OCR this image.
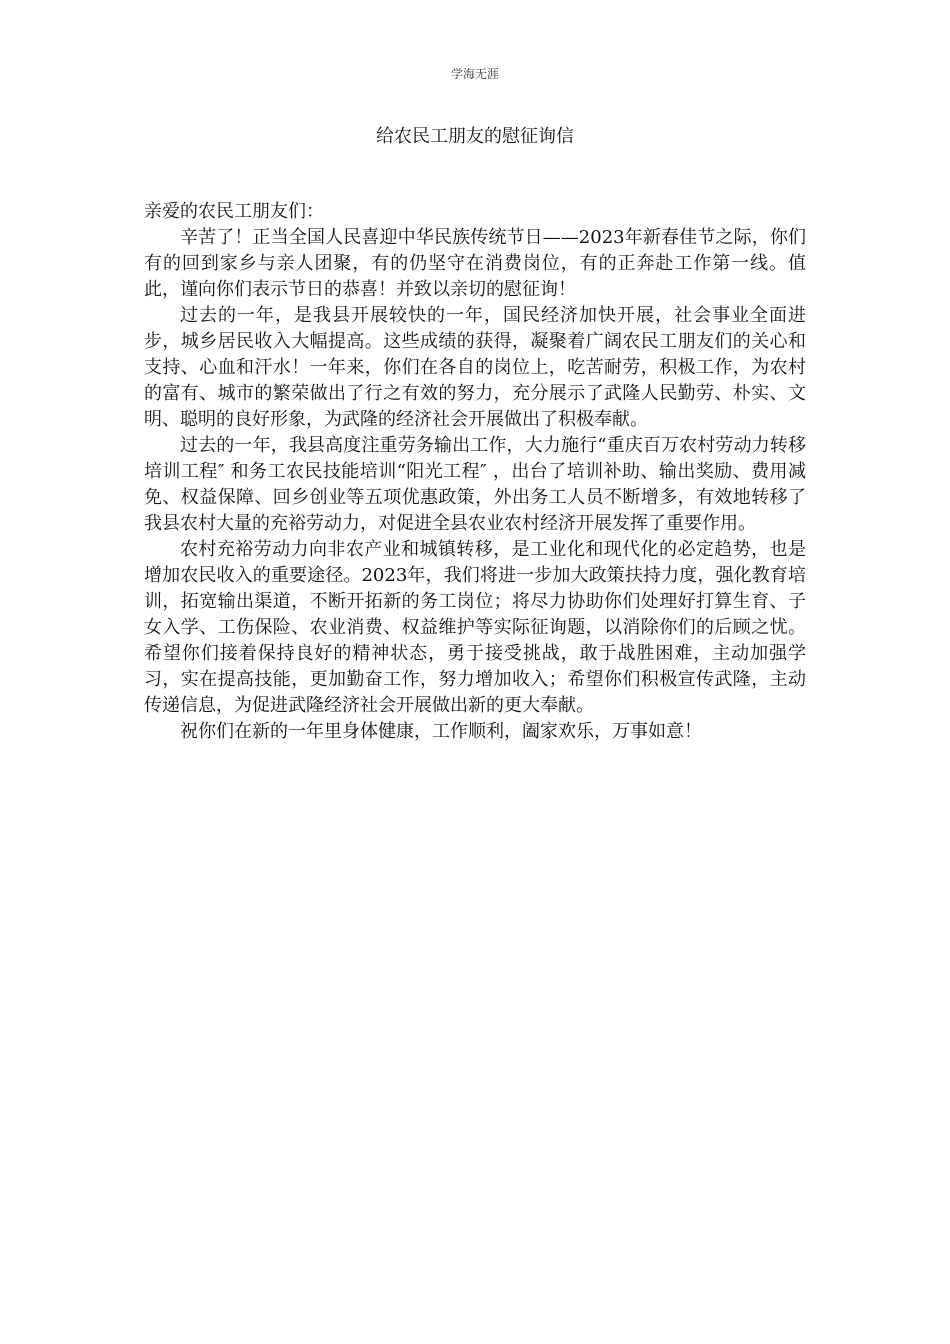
学海无涯
给农民工朋友的慰征询信

亲爱的农民工朋友们：

辛苦了！正当全国人民喜迎中华民族传统节日——2023年新春佳节之际，你们有的回到家乡与亲人团聚，有的仍坚守在消费岗位，有的正奔赴工作第一线。值此，谨向你们表示节日的恭喜！并致以亲切的慰征询！

过去的一年，是我县开展较快的一年，国民经济加快开展，社会事业全面进步，城乡居民收入大幅提高。这些成绩的获得，凝聚着广阔农民工朋友们的关心和支持、心血和汗水！一年来，你们在各自的岗位上，吃苦耐劳，积极工作，为农村的富有、城市的繁荣做出了行之有效的努力，充分展示了武隆人民勤劳、朴实、文明、聪明的良好形象，为武隆的经济社会开展做出了积极奉献。

过去的一年，我县高度注重劳务输出工作，大力施行“重庆百万农村劳动力转移培训工程″ 和务工农民技能培训“阳光工程″ ，出台了培训补助、输出奖励、费用减免、权益保障、回乡创业等五项优惠政策，外出务工人员不断增多，有效地转移了我县农村大量的充裕劳动力，对促进全县农业农村经济开展发挥了重要作用。

农村充裕劳动力向非农产业和城镇转移，是工业化和现代化的必定趋势，也是增加农民收入的重要途径。2023年，我们将进一步加大政策扶持力度，强化教育培训，拓宽输出渠道，不断开拓新的务工岗位；将尽力协助你们处理好打算生育、子女入学、工伤保险、农业消费、权益维护等实际征询题，以消除你们的后顾之忧。希望你们接着保持良好的精神状态，勇于接受挑战，敢于战胜困难，主动加强学习，实在提高技能，更加勤奋工作，努力增加收入；希望你们积极宣传武隆，主动传递信息，为促进武隆经济社会开展做出新的更大奉献。

祝你们在新的一年里身体健康，工作顺利，阖家欢乐，万事如意！
